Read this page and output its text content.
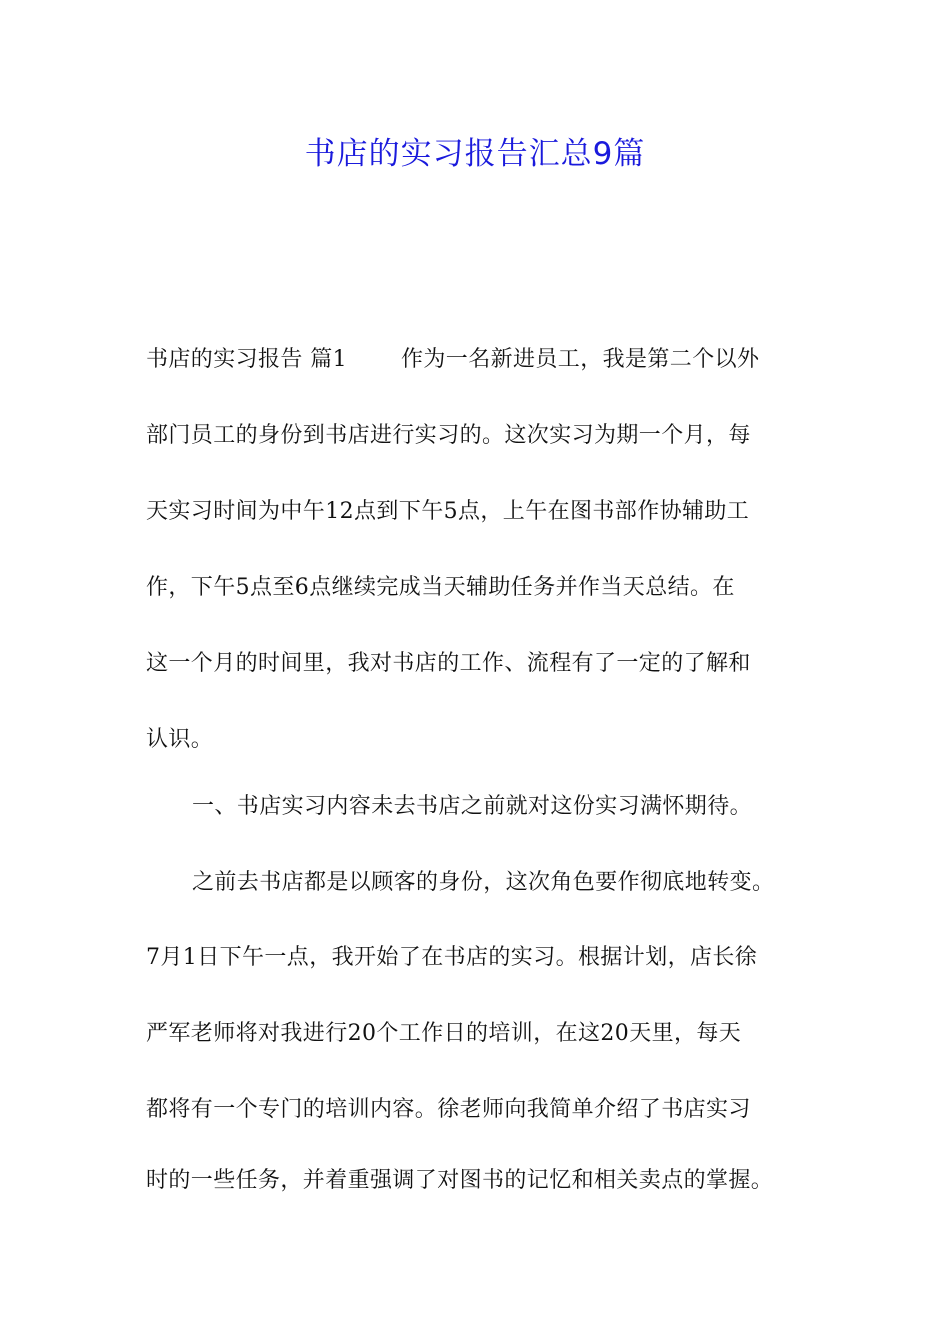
书店的实习报告汇总9篇
书店的实习报告 篇1 作为一名新进员工，我是第二个以外
部门员工的身份到书店进行实习的。这次实习为期一个月，每
天实习时间为中午12点到下午5点，上午在图书部作协辅助工
作，下午5点至6点继续完成当天辅助任务并作当天总结。在
这一个月的时间里，我对书店的工作、流程有了一定的了解和
认识。
一、书店实习内容未去书店之前就对这份实习满怀期待。
之前去书店都是以顾客的身份，这次角色要作彻底地转变。
7月1日下午一点，我开始了在书店的实习。根据计划，店长徐
严军老师将对我进行20个工作日的培训，在这20天里，每天
都将有一个专门的培训内容。徐老师向我简单介绍了书店实习
时的一些任务，并着重强调了对图书的记忆和相关卖点的掌握。
